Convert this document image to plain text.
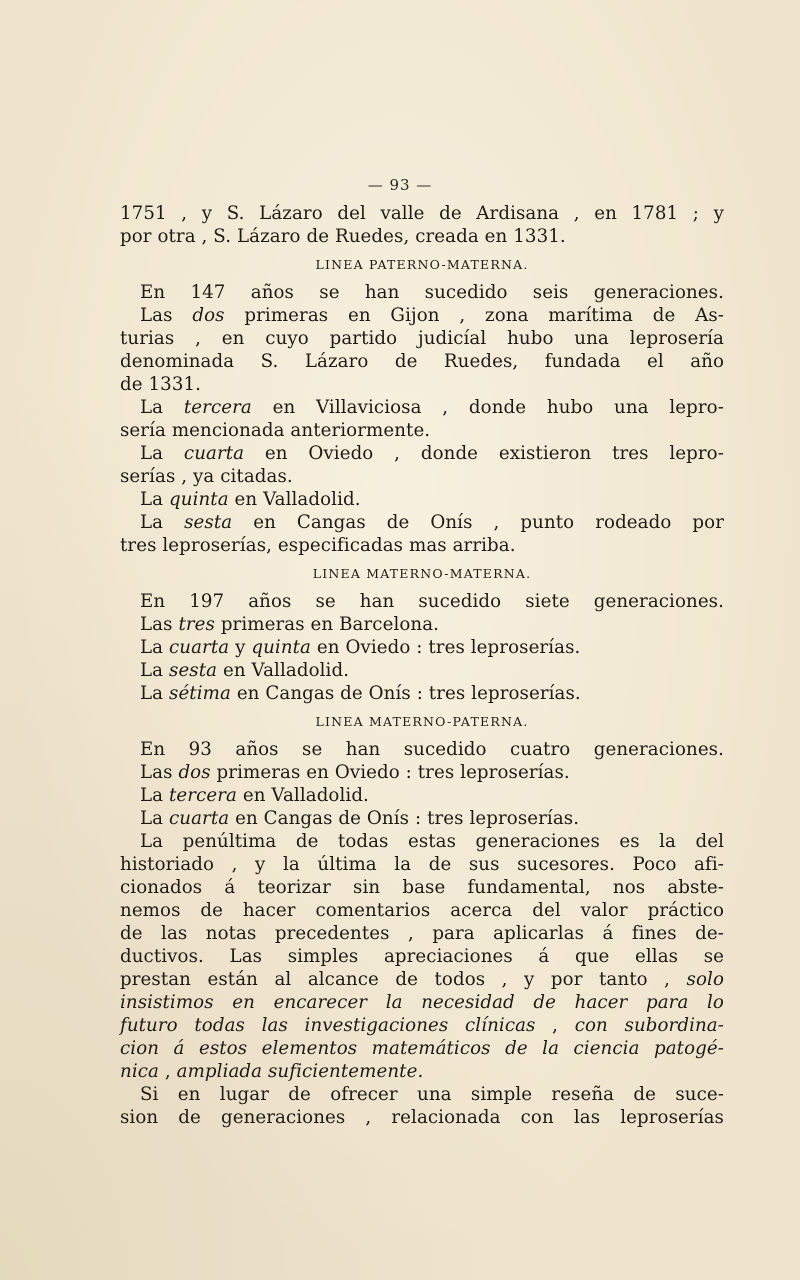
— 93 —
1751 , y S. Lázaro del valle de Ardisana , en 1781 ; y
por otra , S. Lázaro de Ruedes, creada en 1331.
LINEA PATERNO-MATERNA.
En 147 años se han sucedido seis generaciones.
Las dos primeras en Gijon , zona marítima de As-
turias , en cuyo partido judicíal hubo una leprosería
denominada S. Lázaro de Ruedes, fundada el año
de 1331.
La tercera en Villaviciosa , donde hubo una lepro-
sería mencionada anteriormente.
La cuarta en Oviedo , donde existieron tres lepro-
serías , ya citadas.
La quinta en Valladolid.
La sesta en Cangas de Onís , punto rodeado por
tres leproserías, especificadas mas arriba.
LINEA MATERNO-MATERNA.
En 197 años se han sucedido siete generaciones.
Las tres primeras en Barcelona.
La cuarta y quinta en Oviedo : tres leproserías.
La sesta en Valladolid.
La sétima en Cangas de Onís : tres leproserías.
LINEA MATERNO-PATERNA.
En 93 años se han sucedido cuatro generaciones.
Las dos primeras en Oviedo : tres leproserías.
La tercera en Valladolid.
La cuarta en Cangas de Onís : tres leproserías.
La penúltima de todas estas generaciones es la del
historiado , y la última la de sus sucesores. Poco afi-
cionados á teorizar sin base fundamental, nos abste-
nemos de hacer comentarios acerca del valor práctico
de las notas precedentes , para aplicarlas á fines de-
ductivos. Las simples apreciaciones á que ellas se
prestan están al alcance de todos , y por tanto , solo
insistimos en encarecer la necesidad de hacer para lo
futuro todas las investigaciones clínicas , con subordina-
cion á estos elementos matemáticos de la ciencia patogé-
nica , ampliada suficientemente.
Si en lugar de ofrecer una simple reseña de suce-
sion de generaciones , relacionada con las leproserías
